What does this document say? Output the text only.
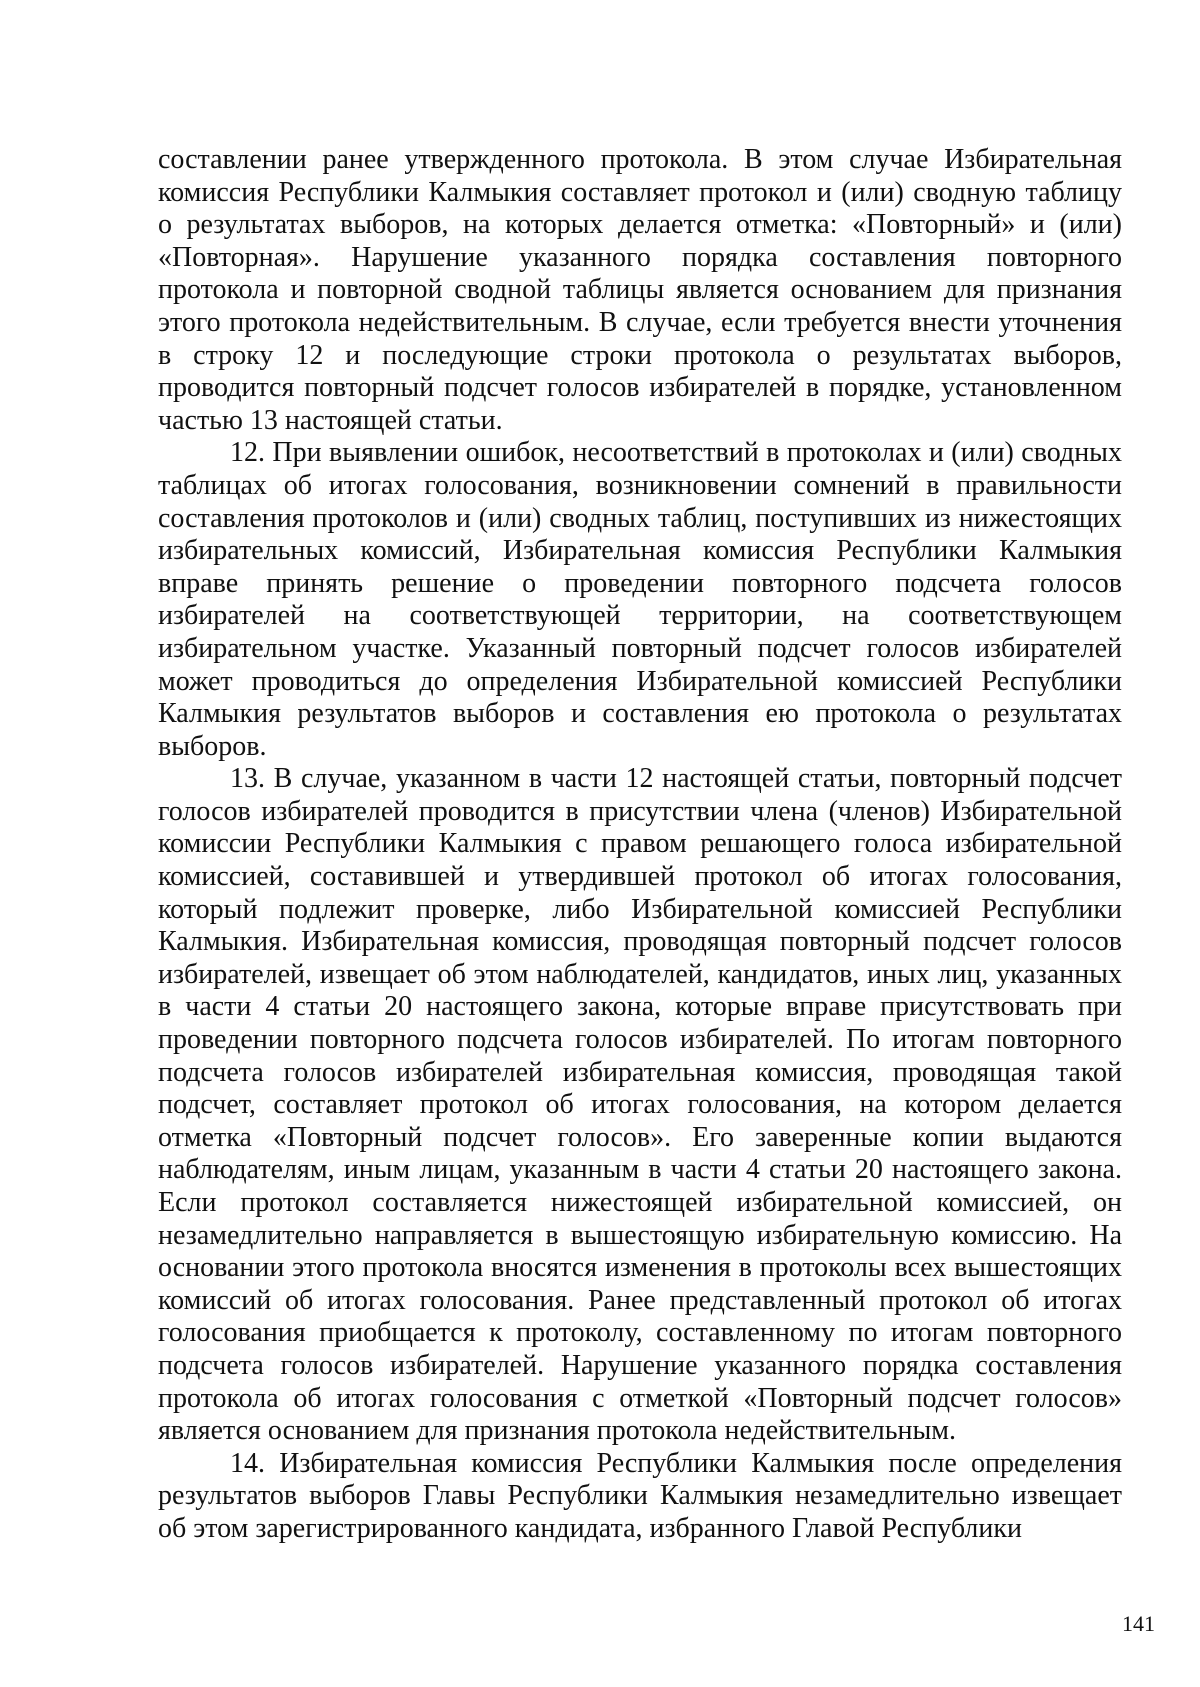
составлении ранее утвержденного протокола. В этом случае Избирательная комиссия Республики Калмыкия составляет протокол и (или) сводную таблицу о результатах выборов, на которых делается отметка: «Повторный» и (или) «Повторная». Нарушение указанного порядка составления повторного протокола и повторной сводной таблицы является основанием для признания этого протокола недействительным. В случае, если требуется внести уточнения в строку 12 и последующие строки протокола о результатах выборов, проводится повторный подсчет голосов избирателей в порядке, установленном частью 13 настоящей статьи.

12. При выявлении ошибок, несоответствий в протоколах и (или) сводных таблицах об итогах голосования, возникновении сомнений в правильности составления протоколов и (или) сводных таблиц, поступивших из нижестоящих избирательных комиссий, Избирательная комиссия Республики Калмыкия вправе принять решение о проведении повторного подсчета голосов избирателей на соответствующей территории, на соответствующем избирательном участке. Указанный повторный подсчет голосов избирателей может проводиться до определения Избирательной комиссией Республики Калмыкия результатов выборов и составления ею протокола о результатах выборов.

13. В случае, указанном в части 12 настоящей статьи, повторный подсчет голосов избирателей проводится в присутствии члена (членов) Избирательной комиссии Республики Калмыкия с правом решающего голоса избирательной комиссией, составившей и утвердившей протокол об итогах голосования, который подлежит проверке, либо Избирательной комиссией Республики Калмыкия. Избирательная комиссия, проводящая повторный подсчет голосов избирателей, извещает об этом наблюдателей, кандидатов, иных лиц, указанных в части 4 статьи 20 настоящего закона, которые вправе присутствовать при проведении повторного подсчета голосов избирателей. По итогам повторного подсчета голосов избирателей избирательная комиссия, проводящая такой подсчет, составляет протокол об итогах голосования, на котором делается отметка «Повторный подсчет голосов». Его заверенные копии выдаются наблюдателям, иным лицам, указанным в части 4 статьи 20 настоящего закона. Если протокол составляется нижестоящей избирательной комиссией, он незамедлительно направляется в вышестоящую избирательную комиссию. На основании этого протокола вносятся изменения в протоколы всех вышестоящих комиссий об итогах голосования. Ранее представленный протокол об итогах голосования приобщается к протоколу, составленному по итогам повторного подсчета голосов избирателей. Нарушение указанного порядка составления протокола об итогах голосования с отметкой «Повторный подсчет голосов» является основанием для признания протокола недействительным.

14. Избирательная комиссия Республики Калмыкия после определения результатов выборов Главы Республики Калмыкия незамедлительно извещает об этом зарегистрированного кандидата, избранного Главой Республики

141
